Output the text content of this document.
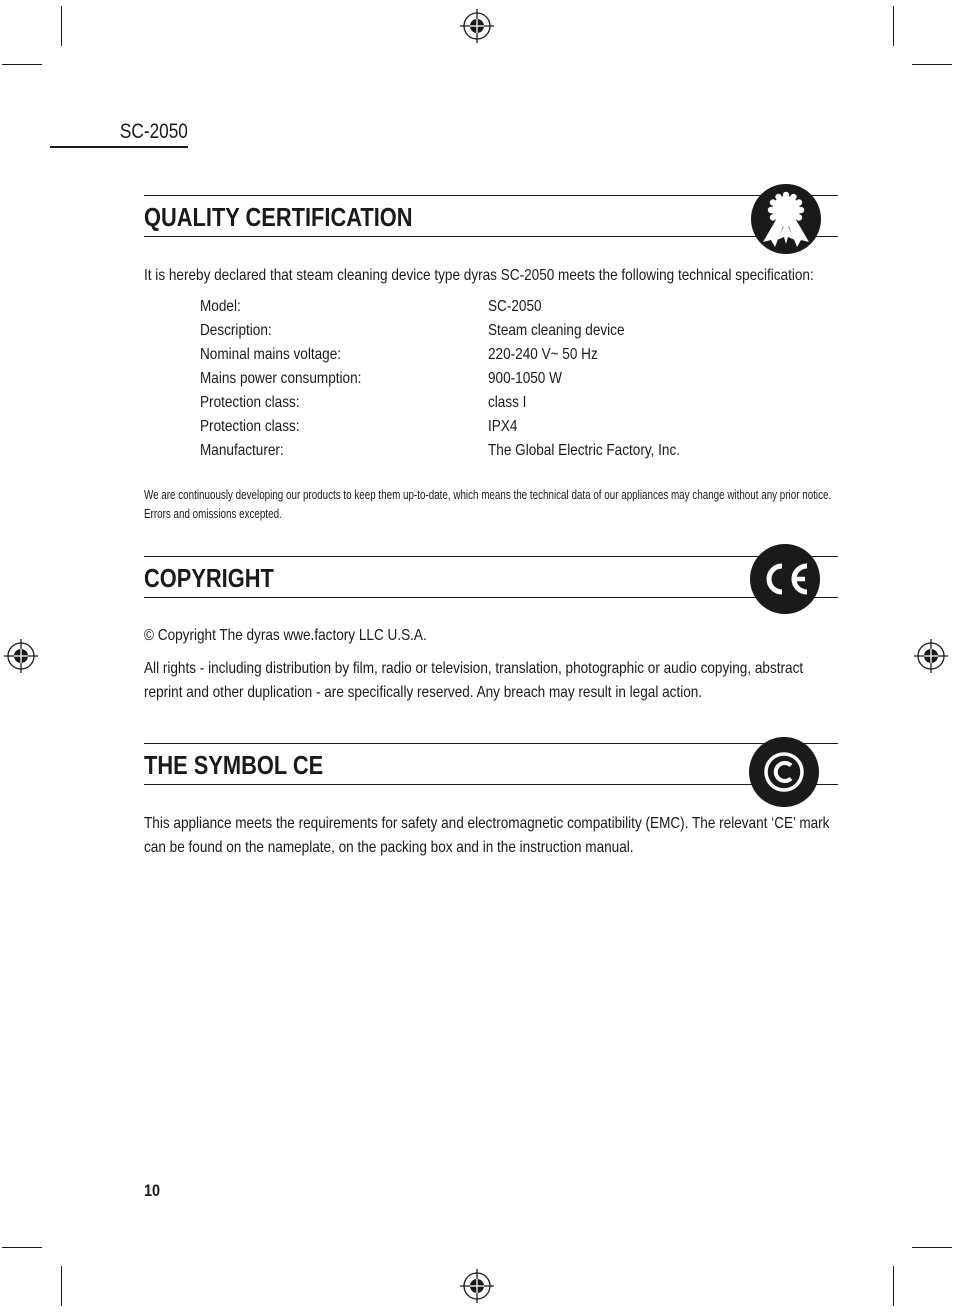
SC-2050
QUALITY CERTIFICATION
It is hereby declared that steam cleaning device type dyras SC-2050 meets the following technical specification:
Model:	SC-2050
Description:	Steam cleaning device
Nominal mains voltage:	220-240 V~ 50 Hz
Mains power consumption:	900-1050 W
Protection class:	class I
Protection class:	IPX4
Manufacturer:	The Global Electric Factory, Inc.
We are continuously developing our products to keep them up-to-date, which means the technical data of our appliances may change without any prior notice. Errors and omissions excepted.
COPYRIGHT
© Copyright The dyras wwe.factory LLC U.S.A.
All rights - including distribution by film, radio or television, translation, photographic or audio copying, abstract reprint and other duplication - are specifically reserved. Any breach may result in legal action.
THE SYMBOL CE
This appliance meets the requirements for safety and electromagnetic compatibility (EMC). The relevant ‘CE’ mark can be found on the nameplate, on the packing box and in the instruction manual.
10
